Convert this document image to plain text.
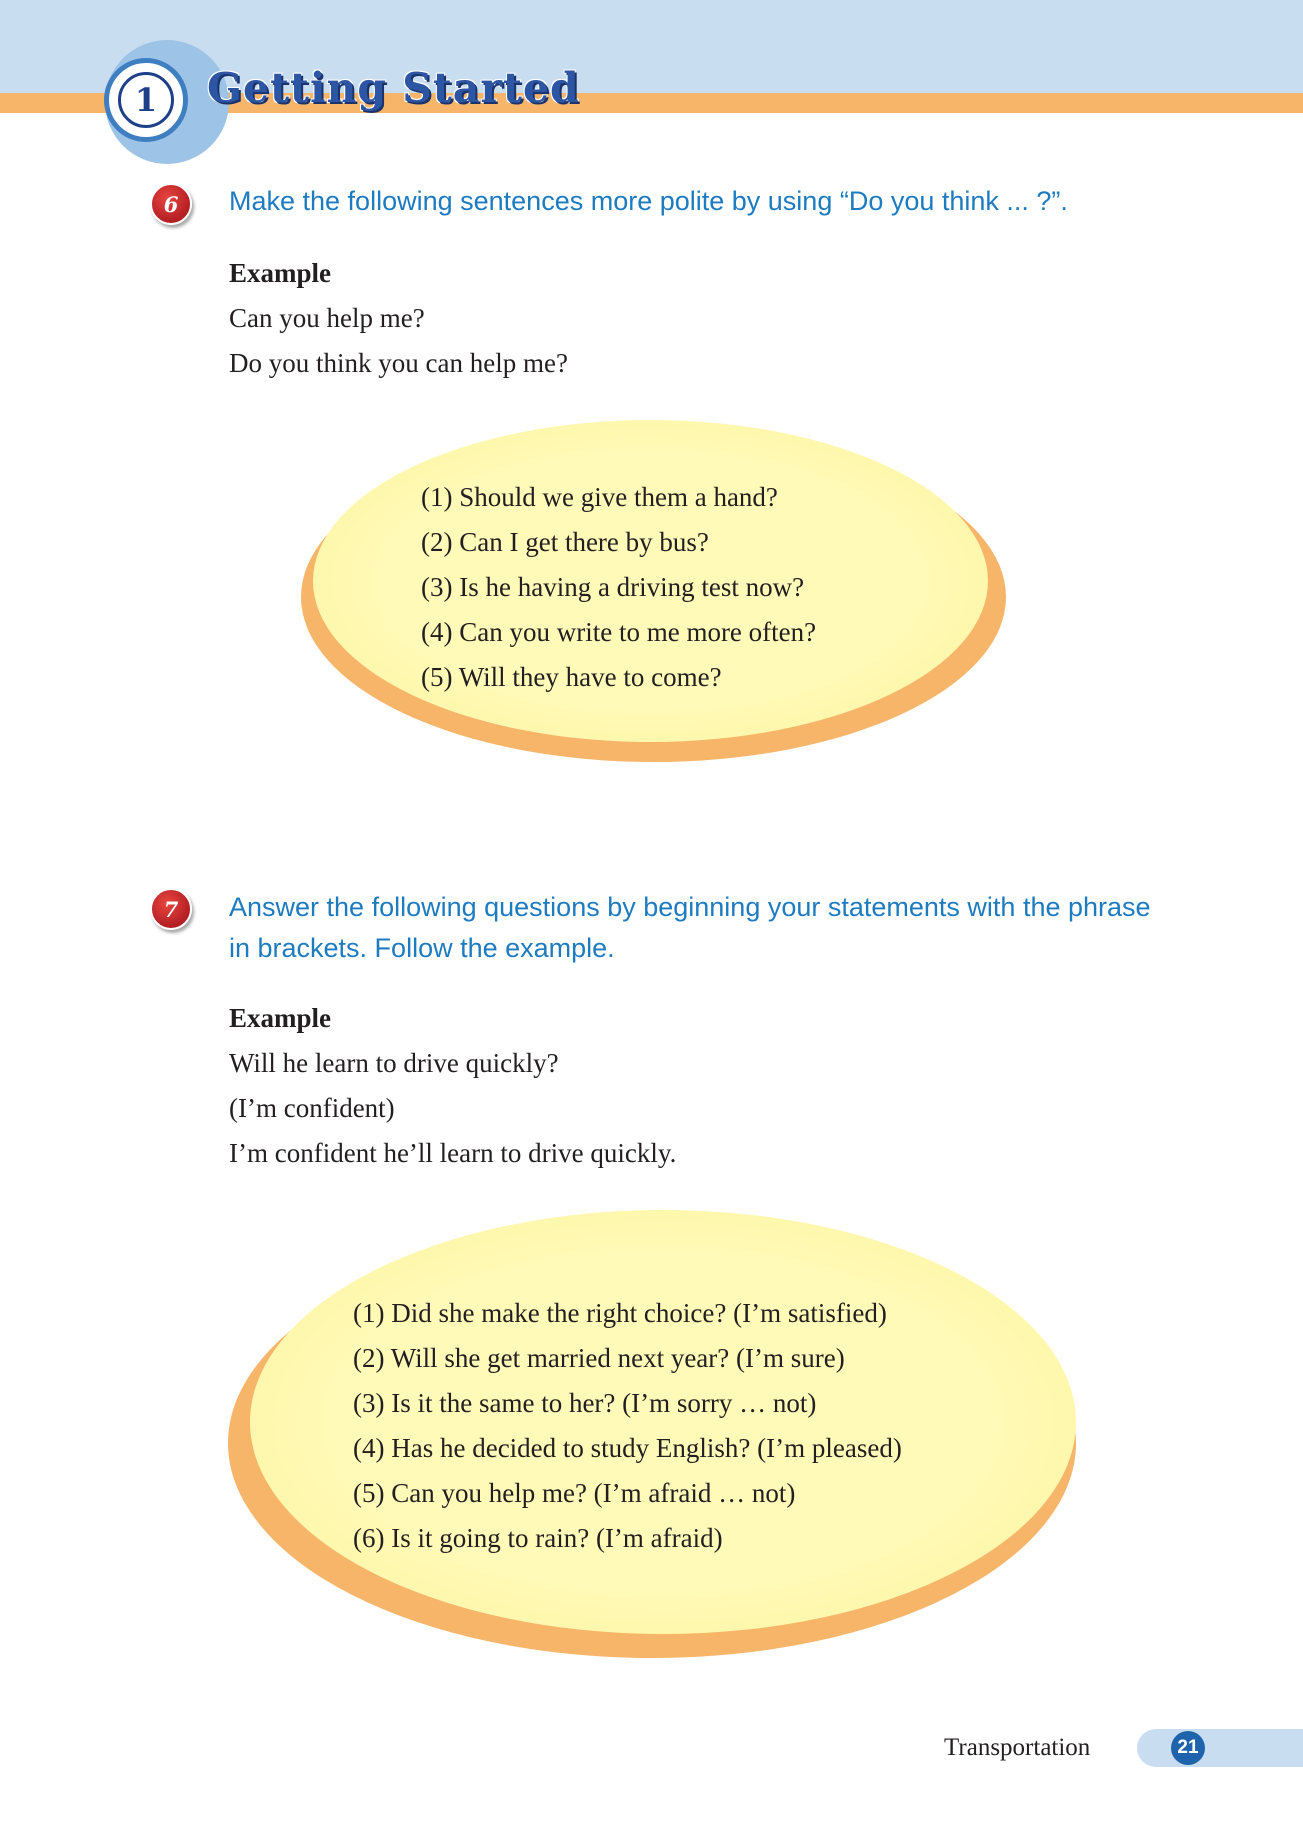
1	Getting Started
6	Make the following sentences more polite by using “Do you think ... ?”.
Example
Can you help me?
Do you think you can help me?
(1) Should we give them a hand?
(2) Can I get there by bus?
(3) Is he having a driving test now?
(4) Can you write to me more often?
(5) Will they have to come?
7	Answer the following questions by beginning your statements with the phrase
in brackets. Follow the example.
Example
Will he learn to drive quickly?
(I’m confident)
I’m confident he’ll learn to drive quickly.
(1) Did she make the right choice? (I’m satisfied)
(2) Will she get married next year? (I’m sure)
(3) Is it the same to her? (I’m sorry … not)
(4) Has he decided to study English? (I’m pleased)
(5) Can you help me? (I’m afraid … not)
(6) Is it going to rain? (I’m afraid)
Transportation	21
